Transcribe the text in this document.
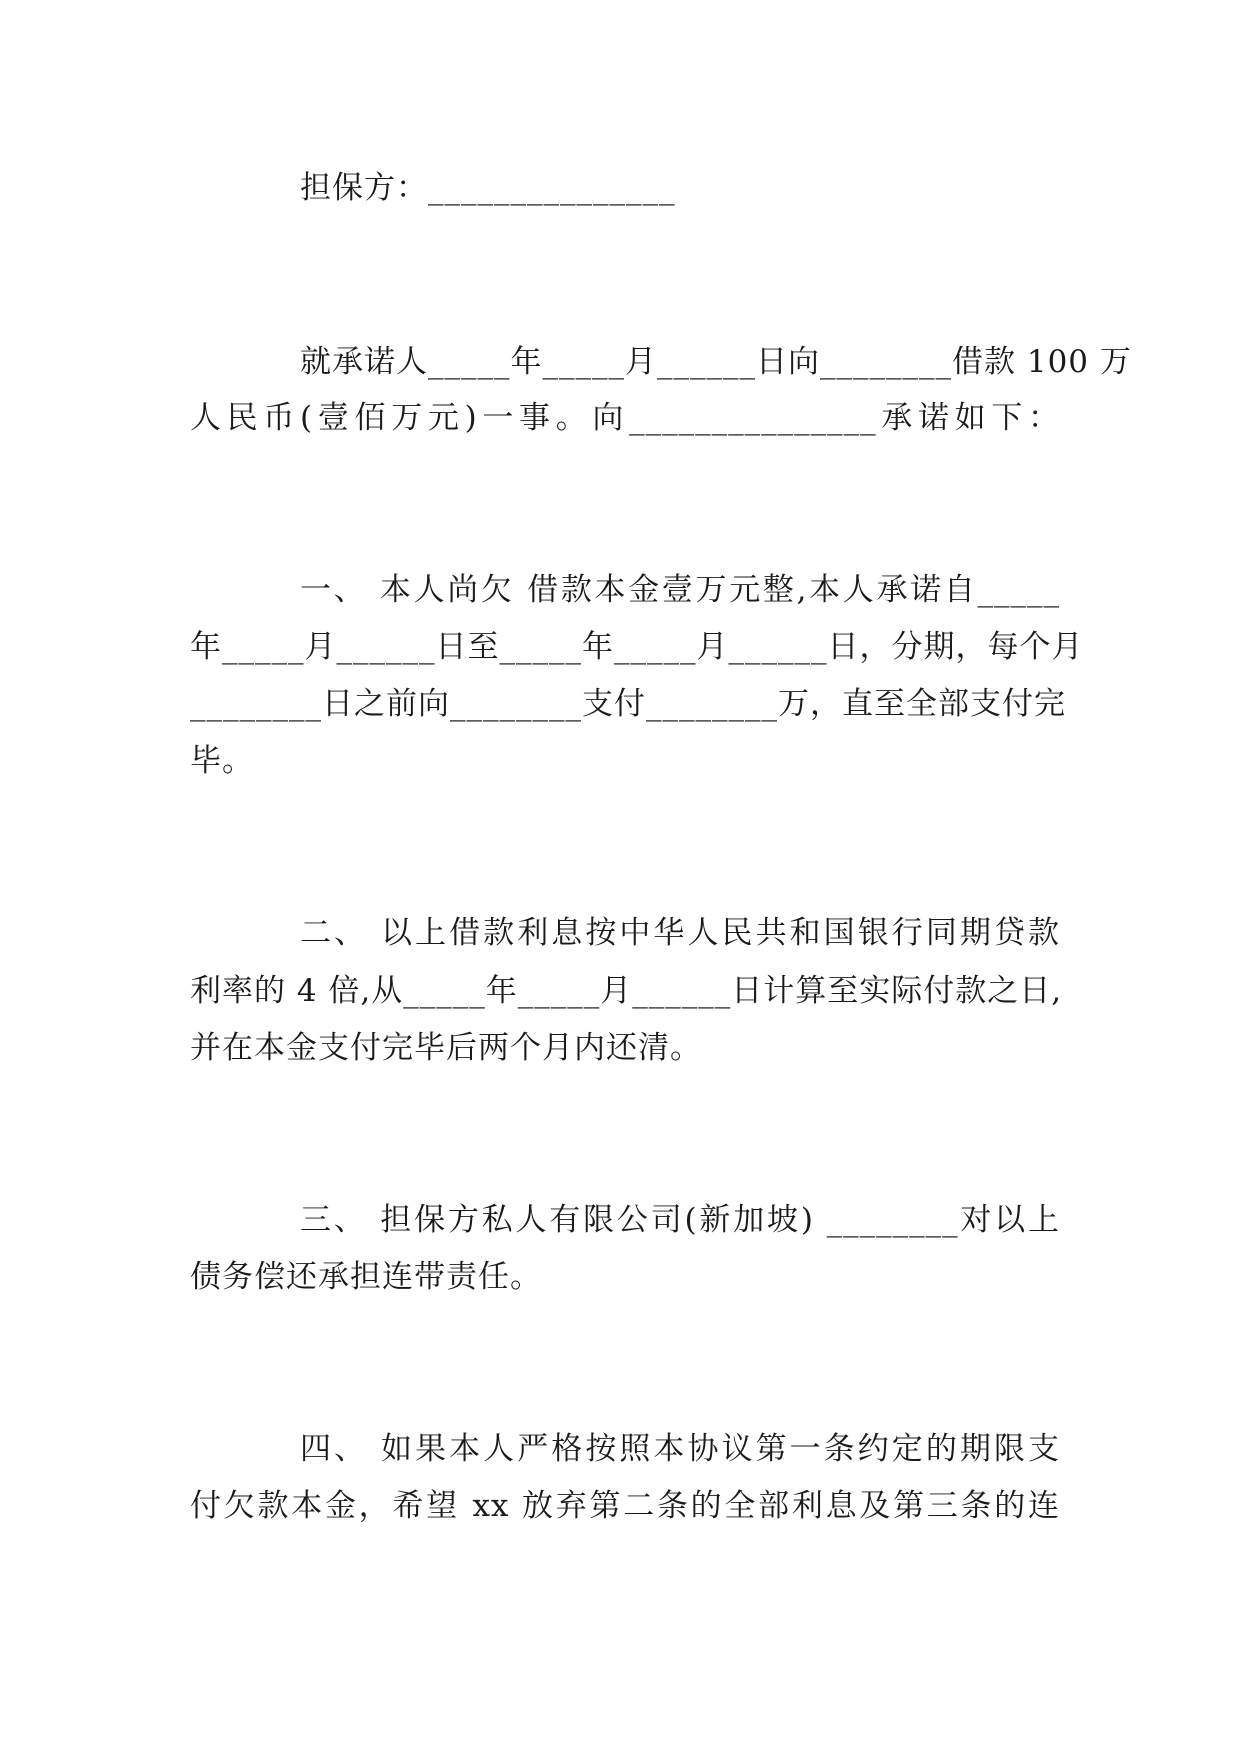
担保方：_______________
就承诺人_____年_____月______日向________借款 100 万
人民币(壹佰万元)一事。向_______________承诺如下：
一、 本人尚欠 借款本金壹万元整,本人承诺自_____
年_____月______日至_____年_____月______日，分期，每个月
________日之前向________支付________万，直至全部支付完
毕。
二、 以上借款利息按中华人民共和国银行同期贷款
利率的 4 倍,从_____年_____月______日计算至实际付款之日,
并在本金支付完毕后两个月内还清。
三、 担保方私人有限公司(新加坡) ________对以上
债务偿还承担连带责任。
四、 如果本人严格按照本协议第一条约定的期限支
付欠款本金，希望 xx 放弃第二条的全部利息及第三条的连
